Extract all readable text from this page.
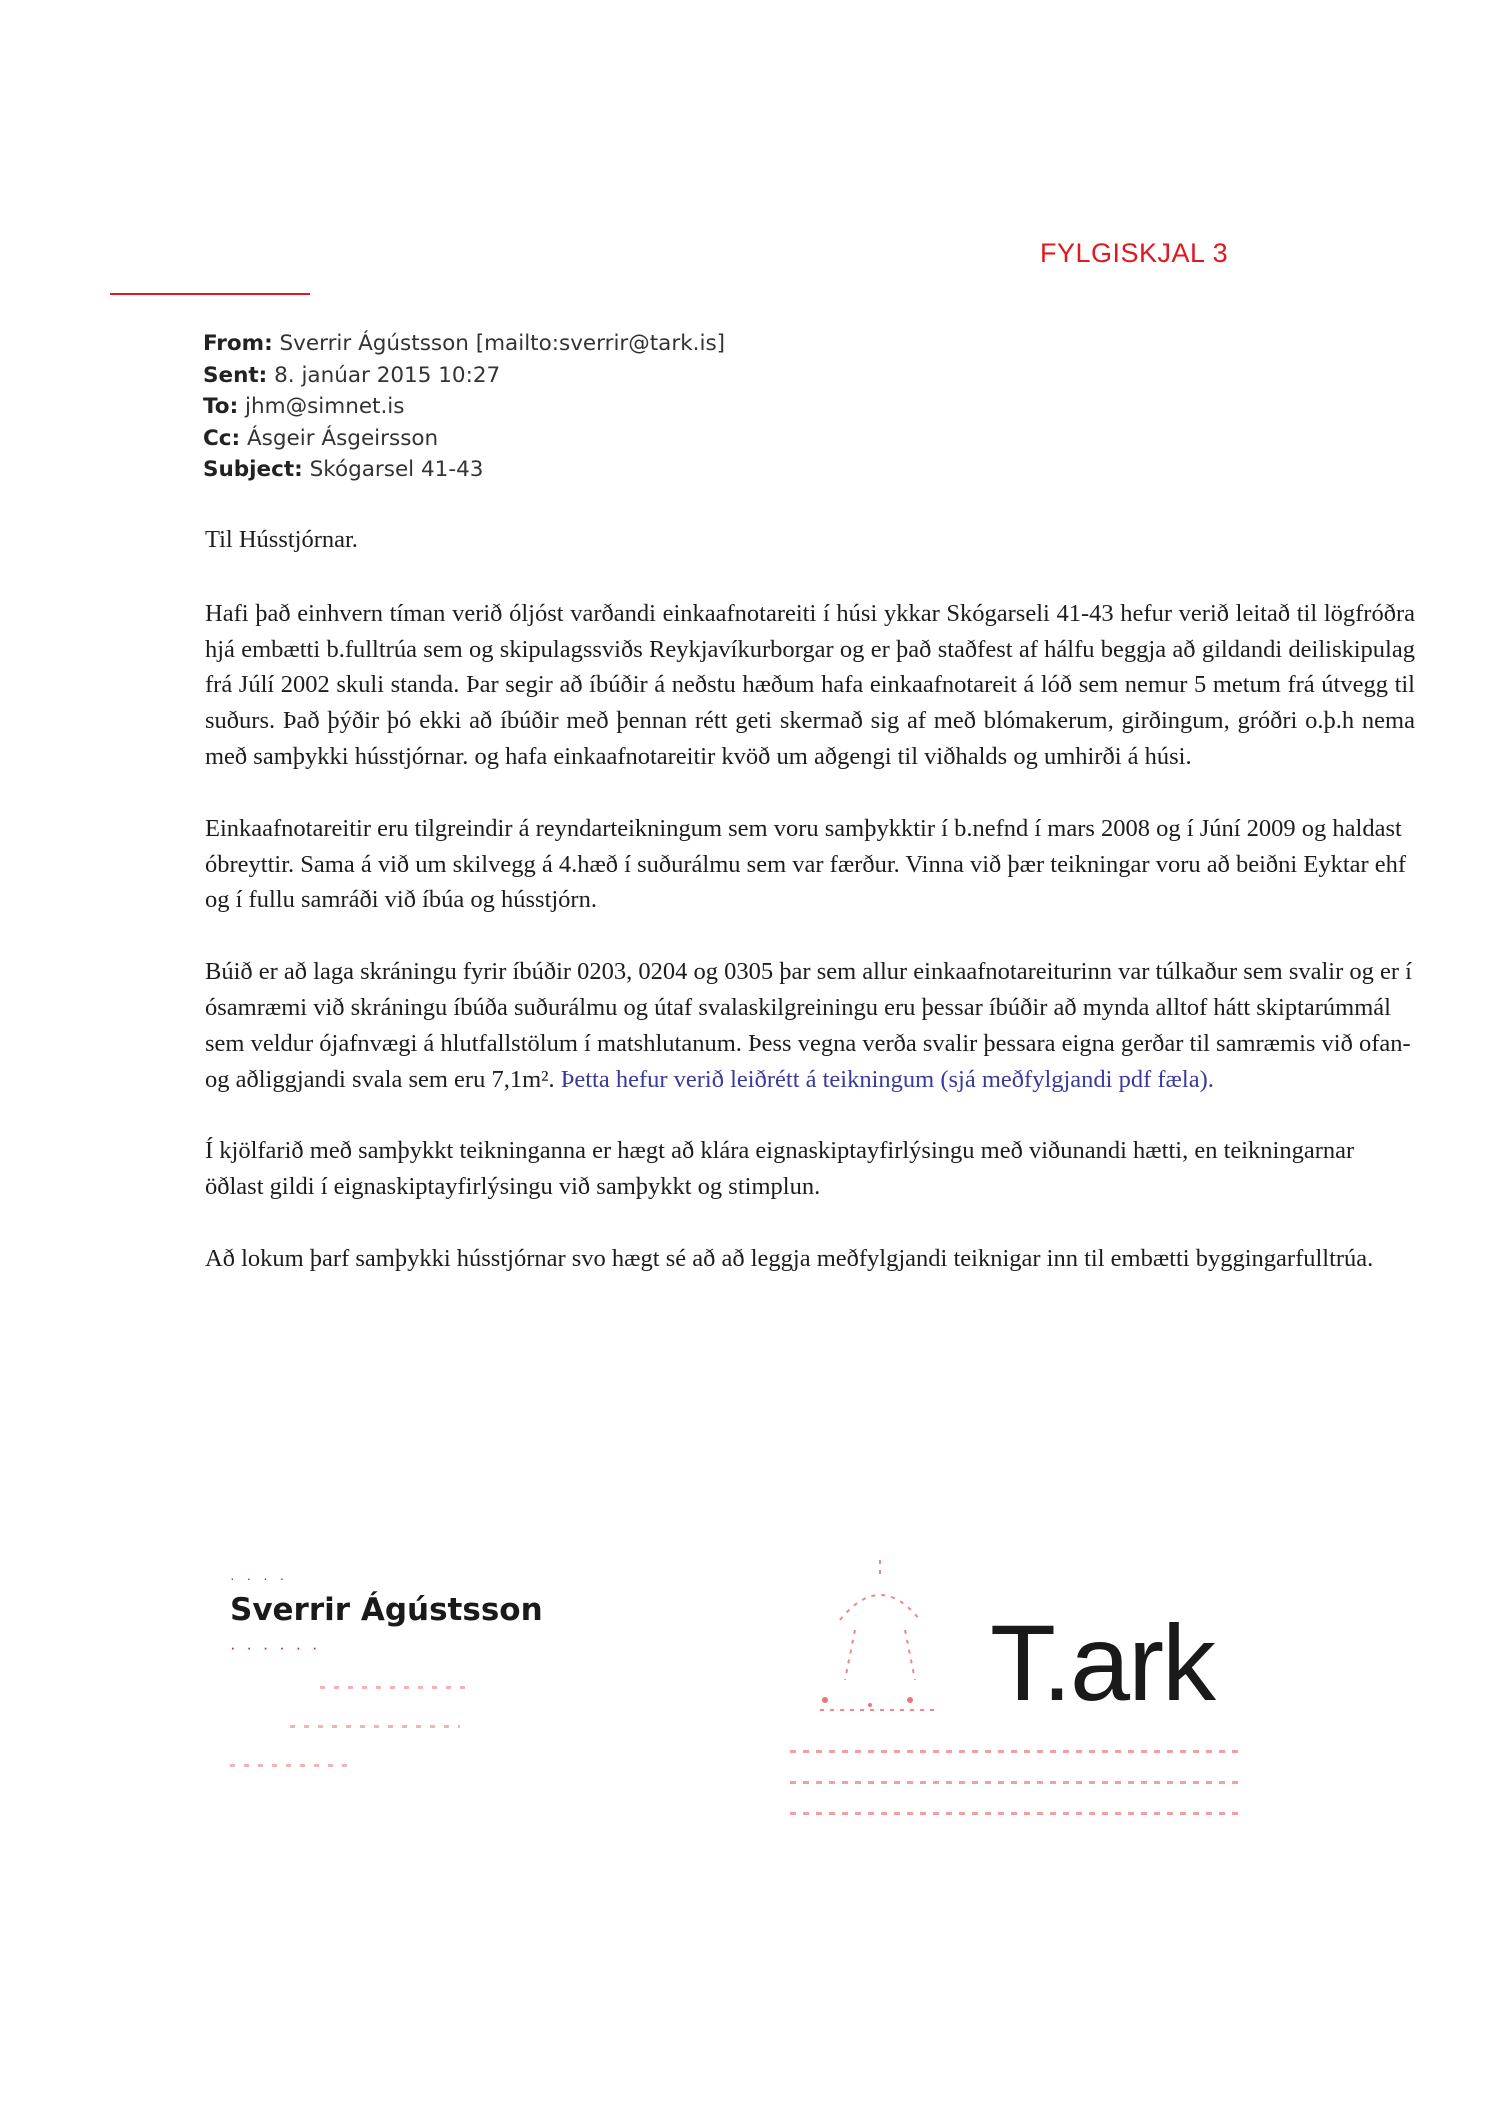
FYLGISKJAL 3
From: Sverrir Ágústsson [mailto:sverrir@tark.is]
Sent: 8. janúar 2015 10:27
To: jhm@simnet.is
Cc: Ásgeir Ásgeirsson
Subject: Skógarsel 41-43

Til Hússtjórnar.

Hafi það einhvern tíman verið óljóst varðandi einkaafnotareiti í húsi ykkar Skógarseli 41-43 hefur verið leitað til lögfróðra hjá embætti b.fulltrúa sem og skipulagssviðs Reykjavíkurborgar og er það staðfest af hálfu beggja að gildandi deiliskipulag frá Júlí 2002 skuli standa. Þar segir að íbúðir á neðstu hæðum hafa einkaafnotareit á lóð sem nemur 5 metum frá útvegg til suðurs. Það þýðir þó ekki að íbúðir með þennan rétt geti skermað sig af með blómakerum, girðingum, gróðri o.þ.h nema með samþykki hússtjórnar. og hafa einkaafnotareitir kvöð um aðgengi til viðhalds og umhirði á húsi.

Einkaafnotareitir eru tilgreindir á reyndarteikningum sem voru samþykktir í b.nefnd í mars 2008 og í Júní 2009 og haldast óbreyttir. Sama á við um skilvegg á 4.hæð í suðurálmu sem var færður. Vinna við þær teikningar voru að beiðni Eyktar ehf og í fullu samráði við íbúa og hússtjórn.

Búið er að laga skráningu fyrir íbúðir 0203, 0204 og 0305 þar sem allur einkaafnotareiturinn var túlkaður sem svalir og er í ósamræmi við skráningu íbúða suðurálmu og útaf svalaskilgreiningu eru þessar íbúðir að mynda alltof hátt skiptarúmmál sem veldur ójafnvægi á hlutfallstölum í matshlutanum. Þess vegna verða svalir þessara eigna gerðar til samræmis við ofan- og aðliggjandi svala sem eru 7,1m². Þetta hefur verið leiðrétt á teikningum (sjá meðfylgjandi pdf fæla).

Í kjölfarið með samþykkt teikninganna er hægt að klára eignaskiptayfirlýsingu með viðunandi hætti, en teikningarnar öðlast gildi í eignaskiptayfirlýsingu við samþykkt og stimplun.

Að lokum þarf samþykki hússtjórnar svo hægt sé að að leggja meðfylgjandi teiknigar inn til embætti byggingarfulltrúa.

· · · ·
Sverrir Ágústsson
· · · · · ·	T.ark
